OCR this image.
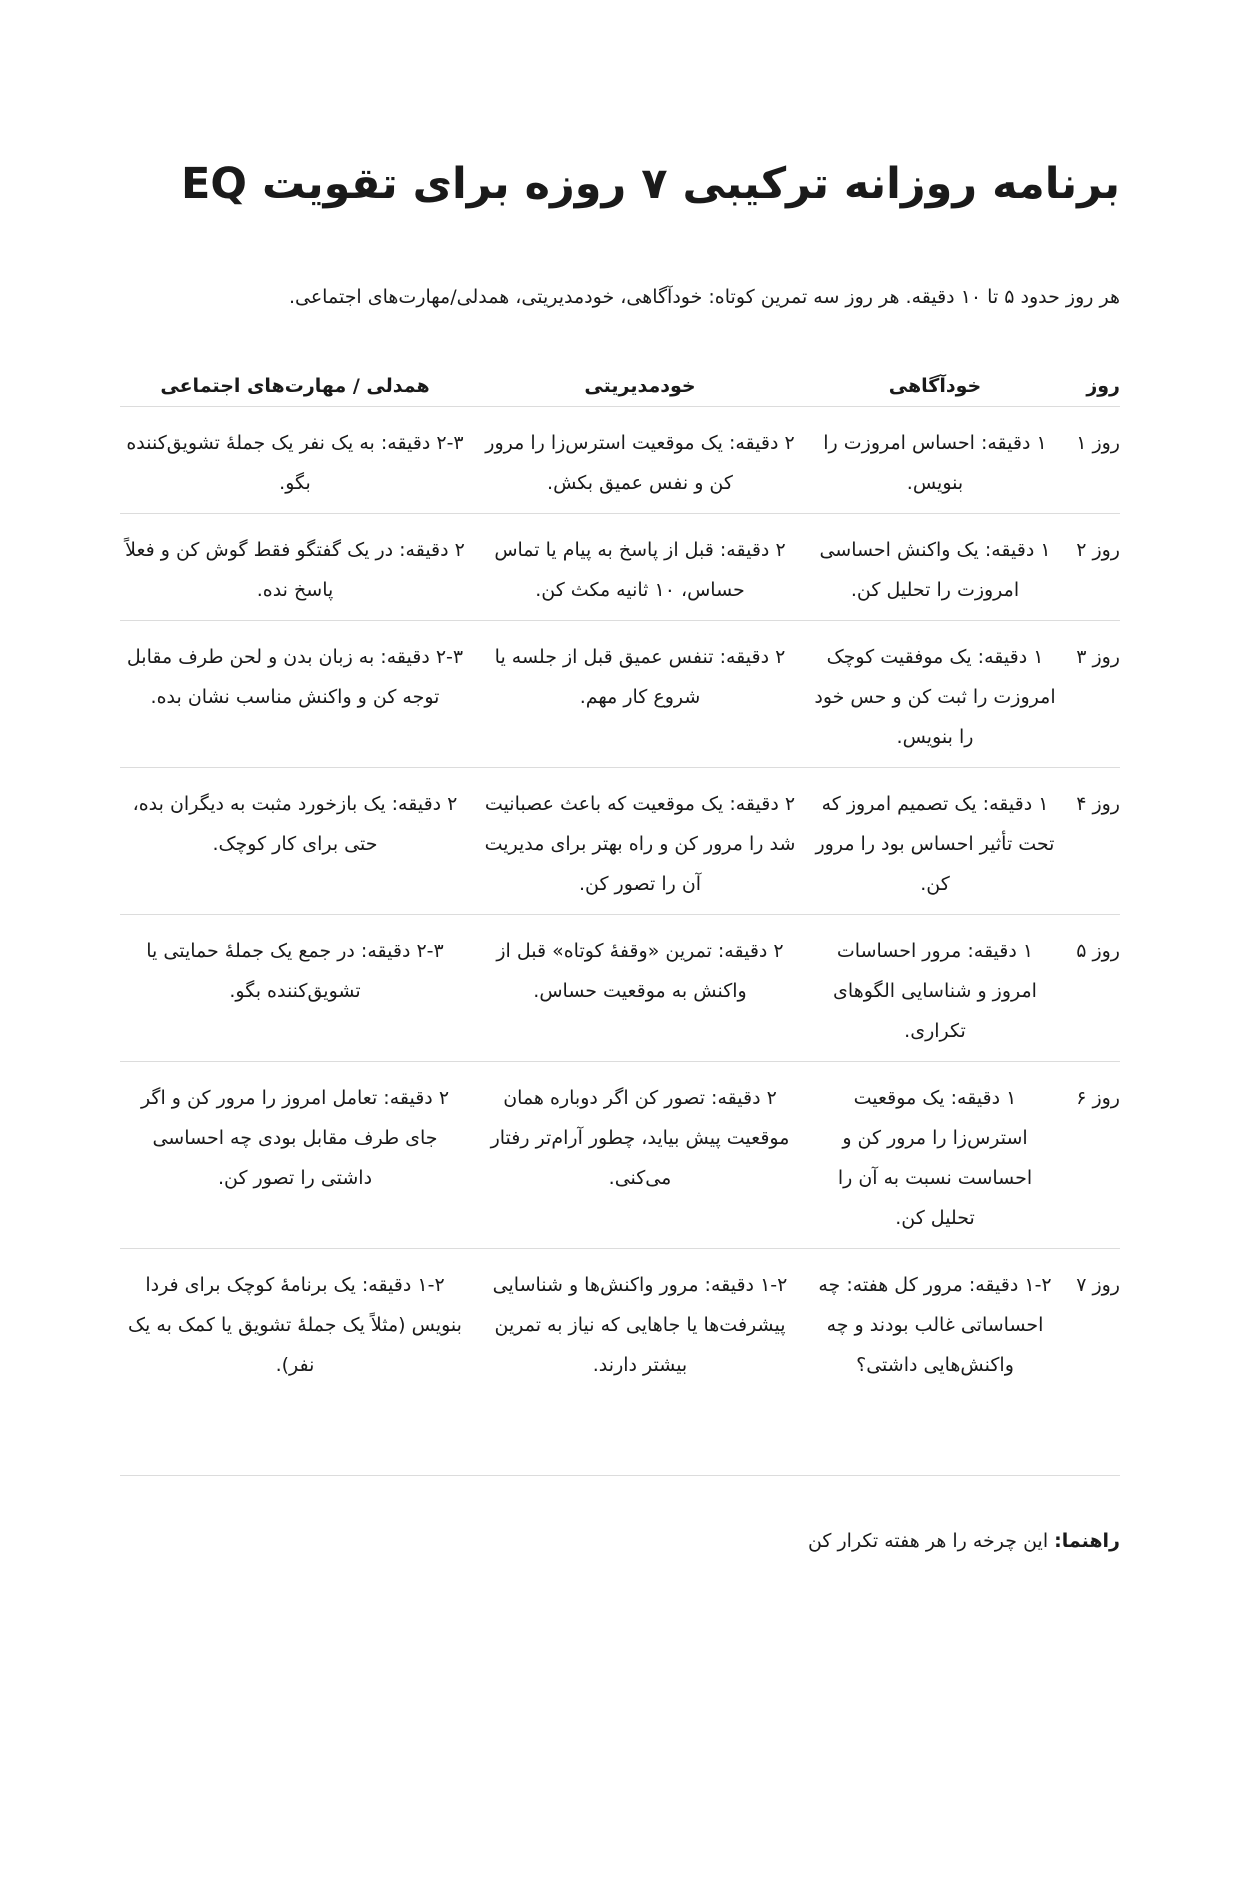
برنامه روزانه ترکیبی ۷ روزه برای تقویت EQ

هر روز حدود ۵ تا ۱۰ دقیقه. هر روز سه تمرین کوتاه: خودآگاهی، خودمدیریتی، همدلی/مهارت‌های اجتماعی.

روز	خودآگاهی	خودمدیریتی	همدلی / مهارت‌های اجتماعی
روز ۱	۱ دقیقه: احساس امروزت را بنویس.	۲ دقیقه: یک موقعیت استرس‌زا را مرور کن و نفس عمیق بکش.	۲-۳ دقیقه: به یک نفر یک جملهٔ تشویق‌کننده بگو.
روز ۲	۱ دقیقه: یک واکنش احساسی امروزت را تحلیل کن.	۲ دقیقه: قبل از پاسخ به پیام یا تماس حساس، ۱۰ ثانیه مکث کن.	۲ دقیقه: در یک گفتگو فقط گوش کن و فعلاً پاسخ نده.
روز ۳	۱ دقیقه: یک موفقیت کوچک امروزت را ثبت کن و حس خود را بنویس.	۲ دقیقه: تنفس عمیق قبل از جلسه یا شروع کار مهم.	۲-۳ دقیقه: به زبان بدن و لحن طرف مقابل توجه کن و واکنش مناسب نشان بده.
روز ۴	۱ دقیقه: یک تصمیم امروز که تحت تأثیر احساس بود را مرور کن.	۲ دقیقه: یک موقعیت که باعث عصبانیت شد را مرور کن و راه بهتر برای مدیریت آن را تصور کن.	۲ دقیقه: یک بازخورد مثبت به دیگران بده، حتی برای کار کوچک.
روز ۵	۱ دقیقه: مرور احساسات امروز و شناسایی الگوهای تکراری.	۲ دقیقه: تمرین «وقفهٔ کوتاه» قبل از واکنش به موقعیت حساس.	۲-۳ دقیقه: در جمع یک جملهٔ حمایتی یا تشویق‌کننده بگو.
روز ۶	۱ دقیقه: یک موقعیت استرس‌زا را مرور کن و احساست نسبت به آن را تحلیل کن.	۲ دقیقه: تصور کن اگر دوباره همان موقعیت پیش بیاید، چطور آرام‌تر رفتار می‌کنی.	۲ دقیقه: تعامل امروز را مرور کن و اگر جای طرف مقابل بودی چه احساسی داشتی را تصور کن.
روز ۷	۱-۲ دقیقه: مرور کل هفته: چه احساساتی غالب بودند و چه واکنش‌هایی داشتی؟	۱-۲ دقیقه: مرور واکنش‌ها و شناسایی پیشرفت‌ها یا جاهایی که نیاز به تمرین بیشتر دارند.	۱-۲ دقیقه: یک برنامهٔ کوچک برای فردا بنویس (مثلاً یک جملهٔ تشویق یا کمک به یک نفر).

راهنما: این چرخه را هر هفته تکرار کن
